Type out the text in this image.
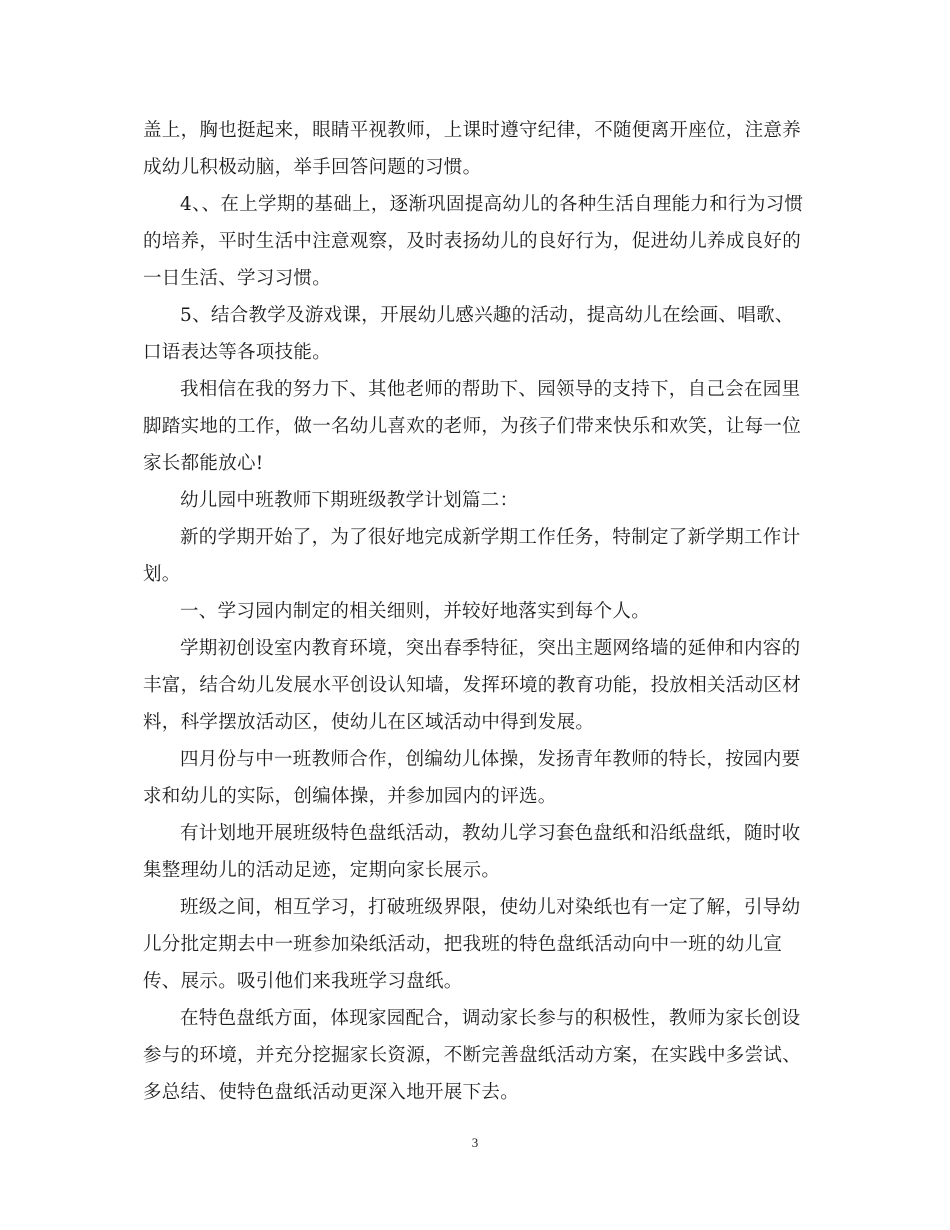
盖上，胸也挺起来，眼睛平视教师，上课时遵守纪律，不随便离开座位，注意养成幼儿积极动脑，举手回答问题的习惯。

4、、在上学期的基础上，逐渐巩固提高幼儿的各种生活自理能力和行为习惯的培养，平时生活中注意观察，及时表扬幼儿的良好行为，促进幼儿养成良好的一日生活、学习习惯。

5、结合教学及游戏课，开展幼儿感兴趣的活动，提高幼儿在绘画、唱歌、口语表达等各项技能。

我相信在我的努力下、其他老师的帮助下、园领导的支持下，自己会在园里脚踏实地的工作，做一名幼儿喜欢的老师，为孩子们带来快乐和欢笑，让每一位家长都能放心!

幼儿园中班教师下期班级教学计划篇二：

新的学期开始了，为了很好地完成新学期工作任务，特制定了新学期工作计划。

一、学习园内制定的相关细则，并较好地落实到每个人。

学期初创设室内教育环境，突出春季特征，突出主题网络墙的延伸和内容的丰富，结合幼儿发展水平创设认知墙，发挥环境的教育功能，投放相关活动区材料，科学摆放活动区，使幼儿在区域活动中得到发展。

四月份与中一班教师合作，创编幼儿体操，发扬青年教师的特长，按园内要求和幼儿的实际，创编体操，并参加园内的评选。

有计划地开展班级特色盘纸活动，教幼儿学习套色盘纸和沿纸盘纸，随时收集整理幼儿的活动足迹，定期向家长展示。

班级之间，相互学习，打破班级界限，使幼儿对染纸也有一定了解，引导幼儿分批定期去中一班参加染纸活动，把我班的特色盘纸活动向中一班的幼儿宣传、展示。吸引他们来我班学习盘纸。

在特色盘纸方面，体现家园配合，调动家长参与的积极性，教师为家长创设参与的环境，并充分挖掘家长资源，不断完善盘纸活动方案，在实践中多尝试、多总结、使特色盘纸活动更深入地开展下去。

3
